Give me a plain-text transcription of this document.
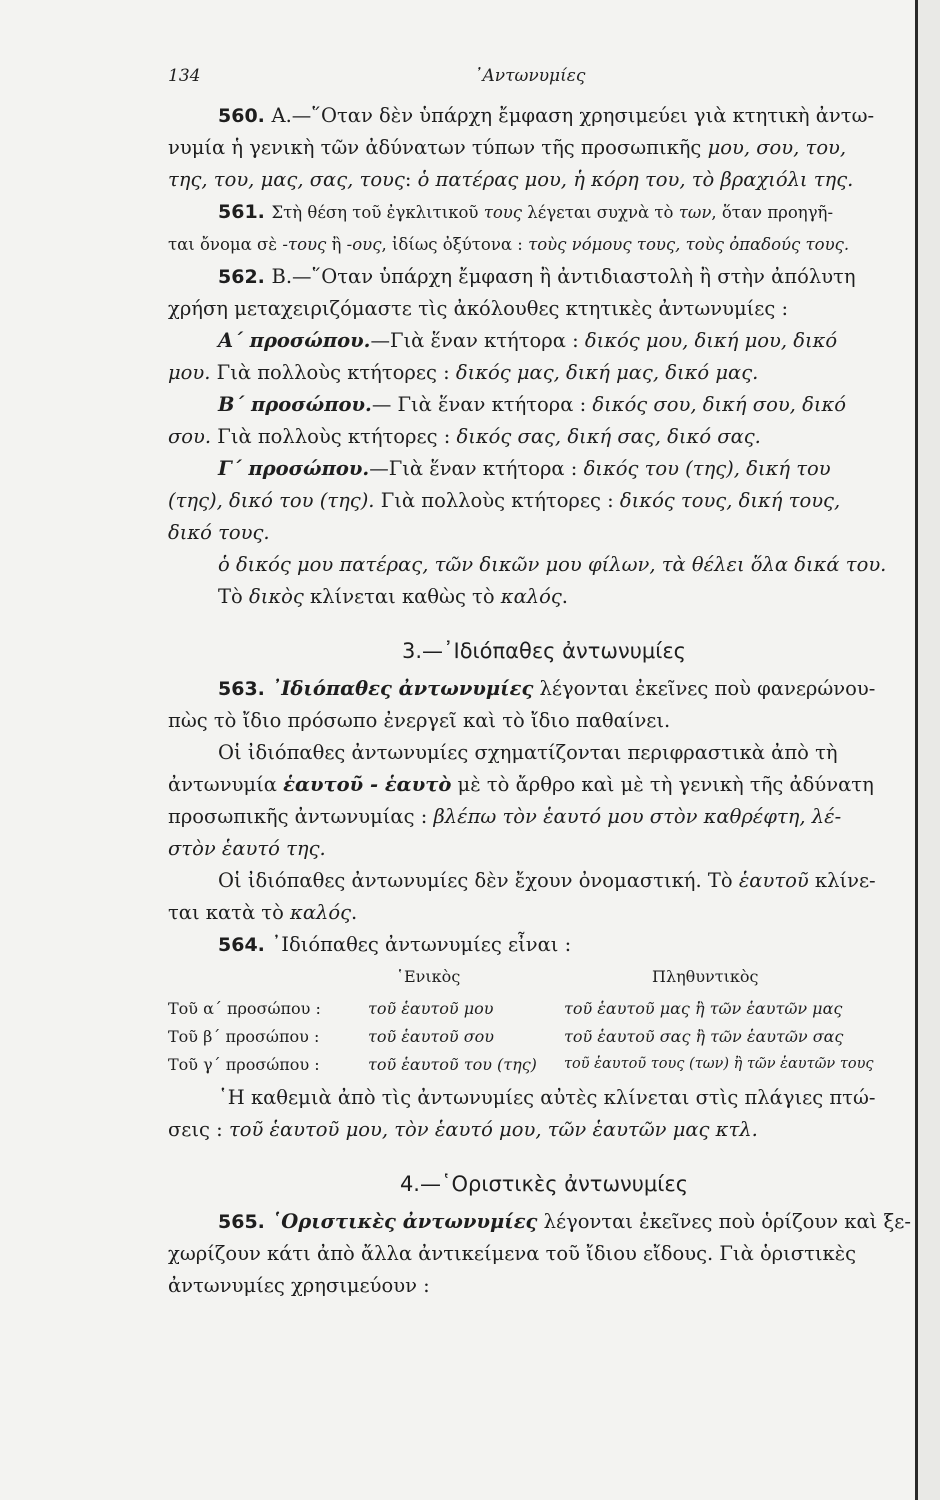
134	᾿Αντωνυμίες
560. Α.—῞Οταν δὲν ὑπάρχη ἔμφαση χρησιμεύει γιὰ κτητικὴ ἀντω-
νυμία ἡ γενικὴ τῶν ἀδύνατων τύπων τῆς προσωπικῆς μου, σου, του,
της, του, μας, σας, τους: ὁ πατέρας μου, ἡ κόρη του, τὸ βραχιόλι της.
561. Στὴ θέση τοῦ ἐγκλιτικοῦ τους λέγεται συχνὰ τὸ των, ὅταν προηγῆ-
ται ὄνομα σὲ -τους ἢ -ους, ἰδίως ὀξύτονα : τοὺς νόμους τους, τοὺς ὀπαδούς τους.
562. Β.—῞Οταν ὑπάρχη ἔμφαση ἢ ἀντιδιαστολὴ ἢ στὴν ἀπόλυτη
χρήση μεταχειριζόμαστε τὶς ἀκόλουθες κτητικὲς ἀντωνυμίες :
Α΄ προσώπου.—Γιὰ ἕναν κτήτορα : δικός μου, δική μου, δικό
μου. Γιὰ πολλοὺς κτήτορες : δικός μας, δική μας, δικό μας.
Β΄ προσώπου.— Γιὰ ἕναν κτήτορα : δικός σου, δική σου, δικό
σου. Γιὰ πολλοὺς κτήτορες : δικός σας, δική σας, δικό σας.
Γ΄ προσώπου.—Γιὰ ἕναν κτήτορα : δικός του (της), δική του
(της), δικό του (της). Γιὰ πολλοὺς κτήτορες : δικός τους, δική τους,
δικό τους.
ὁ δικός μου πατέρας, τῶν δικῶν μου φίλων, τὰ θέλει ὅλα δικά του.
Τὸ δικὸς κλίνεται καθὼς τὸ καλός.
3.—᾿Ιδιόπαθες ἀντωνυμίες
563. ᾿Ιδιόπαθες ἀντωνυμίες λέγονται ἐκεῖνες ποὺ φανερώνου-
πὼς τὸ ἴδιο πρόσωπο ἐνεργεῖ καὶ τὸ ἴδιο παθαίνει.
Οἱ ἰδιόπαθες ἀντωνυμίες σχηματίζονται περιφραστικὰ ἀπὸ τὴ
ἀντωνυμία ἑαυτοῦ - ἑαυτὸ μὲ τὸ ἄρθρο καὶ μὲ τὴ γενικὴ τῆς ἀδύνατη
προσωπικῆς ἀντωνυμίας : βλέπω τὸν ἑαυτό μου στὸν καθρέφτη, λέ-
στὸν ἑαυτό της.
Οἱ ἰδιόπαθες ἀντωνυμίες δὲν ἔχουν ὀνομαστική. Τὸ ἑαυτοῦ κλίνε-
ται κατὰ τὸ καλός.
564. ᾿Ιδιόπαθες ἀντωνυμίες εἶναι :
	῾Ενικὸς	Πληθυντικὸς
Τοῦ α΄ προσώπου :	τοῦ ἑαυτοῦ μου	τοῦ ἑαυτοῦ μας ἢ τῶν ἑαυτῶν μας
Τοῦ β΄ προσώπου :	τοῦ ἑαυτοῦ σου	τοῦ ἑαυτοῦ σας ἢ τῶν ἑαυτῶν σας
Τοῦ γ΄ προσώπου :	τοῦ ἑαυτοῦ του (της)	τοῦ ἑαυτοῦ τους (των) ἢ τῶν ἑαυτῶν τους
῾Η καθεμιὰ ἀπὸ τὶς ἀντωνυμίες αὐτὲς κλίνεται στὶς πλάγιες πτώ-
σεις : τοῦ ἑαυτοῦ μου, τὸν ἑαυτό μου, τῶν ἑαυτῶν μας κτλ.
4.—῾Οριστικὲς ἀντωνυμίες
565. ῾Οριστικὲς ἀντωνυμίες λέγονται ἐκεῖνες ποὺ ὁρίζουν καὶ ξε-
χωρίζουν κάτι ἀπὸ ἄλλα ἀντικείμενα τοῦ ἴδιου εἴδους. Γιὰ ὁριστικὲς
ἀντωνυμίες χρησιμεύουν :
